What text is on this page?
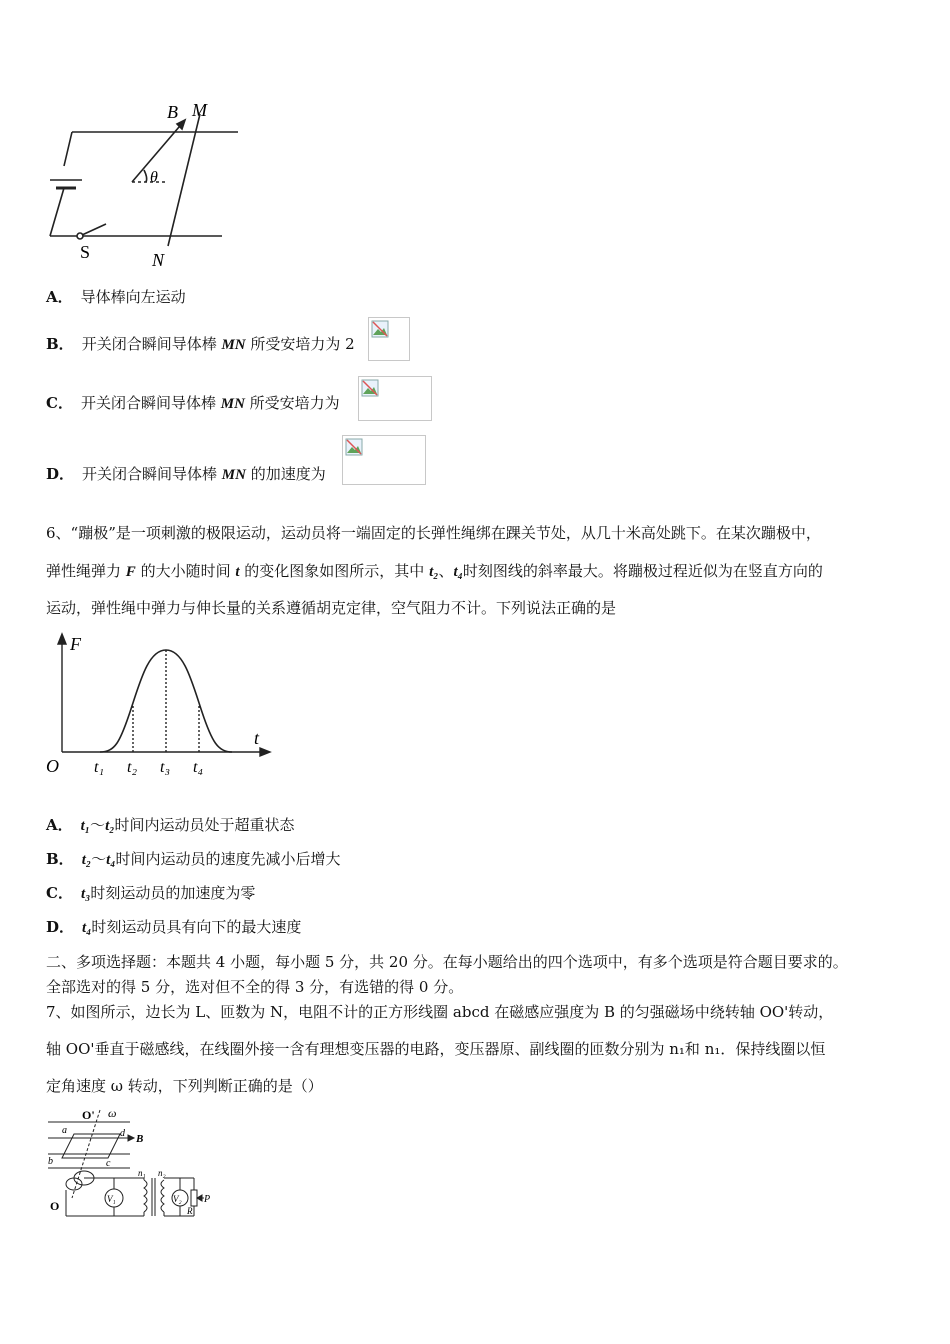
B M
θ
S	N
A． 导体棒向左运动
B． 开关闭合瞬间导体棒 MN 所受安培力为 2
C． 开关闭合瞬间导体棒 MN 所受安培力为
D． 开关闭合瞬间导体棒 MN 的加速度为
6、“蹦极”是一项刺激的极限运动，运动员将一端固定的长弹性绳绑在踝关节处，从几十米高处跳下。在某次蹦极中，
弹性绳弹力 F 的大小随时间 t 的变化图象如图所示，其中 t₂、t₄时刻图线的斜率最大。将蹦极过程近似为在竖直方向的
运动，弹性绳中弹力与伸长量的关系遵循胡克定律，空气阻力不计。下列说法正确的是
F
t
O t₁ t₂ t₃ t₄
A． t₁～t₂时间内运动员处于超重状态
B． t₂～t₄时间内运动员的速度先减小后增大
C． t₃时刻运动员的加速度为零
D． t₄时刻运动员具有向下的最大速度
二、多项选择题：本题共 4 小题，每小题 5 分，共 20 分。在每小题给出的四个选项中，有多个选项是符合题目要求的。
全部选对的得 5 分，选对但不全的得 3 分，有选错的得 0 分。
7、如图所示，边长为 L、匝数为 N，电阻不计的正方形线圈 abcd 在磁感应强度为 B 的匀强磁场中绕转轴 OO'转动，
轴 OO'垂直于磁感线，在线圈外接一含有理想变压器的电路，变压器原、副线圈的匝数分别为 n₁和 n₁．保持线圈以恒
定角速度 ω 转动，下列判断正确的是（）
O' ω
a	d B
b	c
O
n₁ n₂
V₁	V₂
R
P
